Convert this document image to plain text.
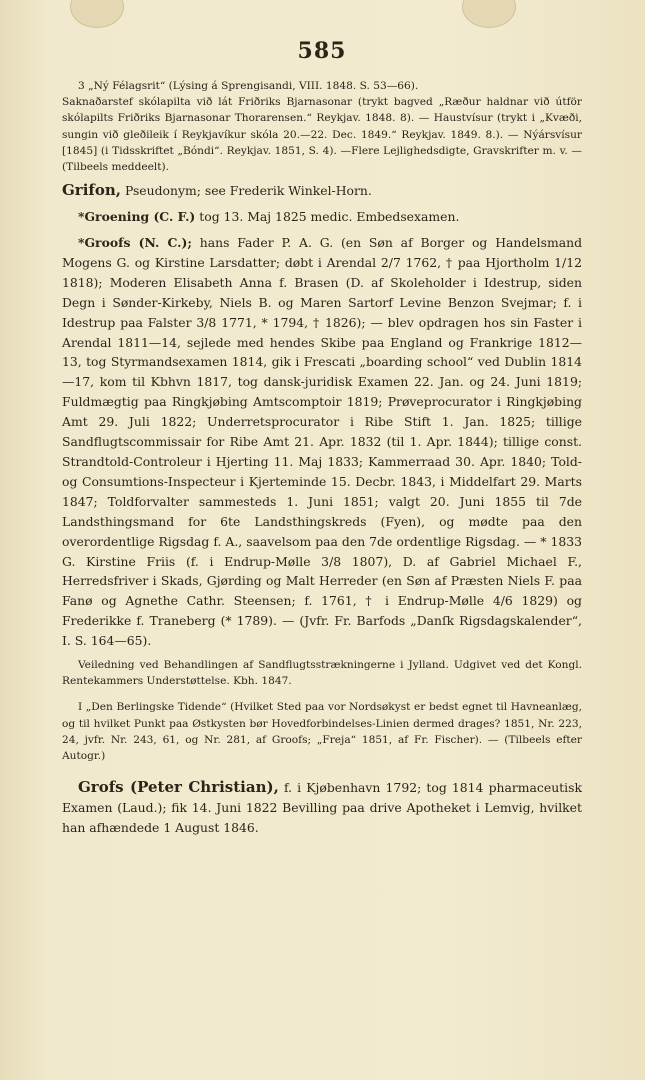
585

3 „Ný Félagsrit“ (Lýsing á Sprengisandi, VIII. 1848. S. 53—66).

Saknaðarstef skólapilta við lát Friðriks Bjarnasonar (trykt bagved „Ræður haldnar við útför skólapilts Friðriks Bjarnasonar Thorarensen.“ Reykjav. 1848. 8). — Haustvísur (trykt i „Kvæði, sungin við gleðileik í Reykjavíkur skóla 20.—22. Dec. 1849.“ Reykjav. 1849. 8.). — Nýársvísur [1845] (i Tidsskriftet „Bóndi“. Reykjav. 1851, S. 4). —Flere Lejlighedsdigte, Gravskrifter m. v. — (Tilbeels meddeelt).

Grifon, Pseudonym; see Frederik Winkel-Horn.

*Groening (C. F.) tog 13. Maj 1825 medic. Embedsexamen.

*Groofs (N. C.); hans Fader P. A. G. (en Søn af Borger og Handelsmand Mogens G. og Kirstine Larsdatter; døbt i Arendal 2/7 1762, † paa Hjortholm 1/12 1818); Moderen Elisabeth Anna f. Brasen (D. af Skoleholder i Idestrup, siden Degn i Sønder-Kirkeby, Niels B. og Maren Sartorf Levine Benzon Svejmar; f. i Idestrup paa Falster 3/8 1771, * 1794, † 1826); — blev opdragen hos sin Faster i Arendal 1811—14, sejlede med hendes Skibe paa England og Frankrige 1812—13, tog Styrmandsexamen 1814, gik i Frescati „boarding school“ ved Dublin 1814—17, kom til Kbhvn 1817, tog dansk-juridisk Examen 22. Jan. og 24. Juni 1819; Fuldmægtig paa Ringkjøbing Amtscomptoir 1819; Prøveprocurator i Ringkjøbing Amt 29. Juli 1822; Underretsprocurator i Ribe Stift 1. Jan. 1825; tillige Sandflugtscommissair for Ribe Amt 21. Apr. 1832 (til 1. Apr. 1844); tillige const. Strandtold-Controleur i Hjerting 11. Maj 1833; Kammerraad 30. Apr. 1840; Told- og Consumtions-Inspecteur i Kjerteminde 15. Decbr. 1843, i Middelfart 29. Marts 1847; Toldforvalter sammesteds 1. Juni 1851; valgt 20. Juni 1855 til 7de Landsthingsmand for 6te Landsthingskreds (Fyen), og mødte paa den overordentlige Rigsdag f. A., saavelsom paa den 7de ordentlige Rigsdag. — * 1833 G. Kirstine Friis (f. i Endrup-Mølle 3/8 1807), D. af Gabriel Michael F., Herredsfriver i Skads, Gjørding og Malt Herreder (en Søn af Præsten Niels F. paa Fanø og Agnethe Cathr. Steensen; f. 1761, † i Endrup-Mølle 4/6 1829) og Frederikke f. Traneberg (* 1789). — (Jvfr. Fr. Barfods „Danſk Rigsdagskalender“, I. S. 164—65).

Veiledning ved Behandlingen af Sandflugtsstrækningerne i Jylland. Udgivet ved det Kongl. Rentekammers Understøttelse. Kbh. 1847.

I „Den Berlingske Tidende“ (Hvilket Sted paa vor Nordsøkyst er bedst egnet til Havneanlæg, og til hvilket Punkt paa Østkysten bør Hovedforbindelses-Linien dermed drages? 1851, Nr. 223, 24, jvfr. Nr. 243, 61, og Nr. 281, af Groofs; „Freja“ 1851, af Fr. Fischer). — (Tilbeels efter Autogr.)

Grofs (Peter Christian), f. i Kjøbenhavn 1792; tog 1814 pharmaceutisk Examen (Laud.); fik 14. Juni 1822 Bevilling paa drive Apotheket i Lemvig, hvilket han afhændede 1 August 1846.
